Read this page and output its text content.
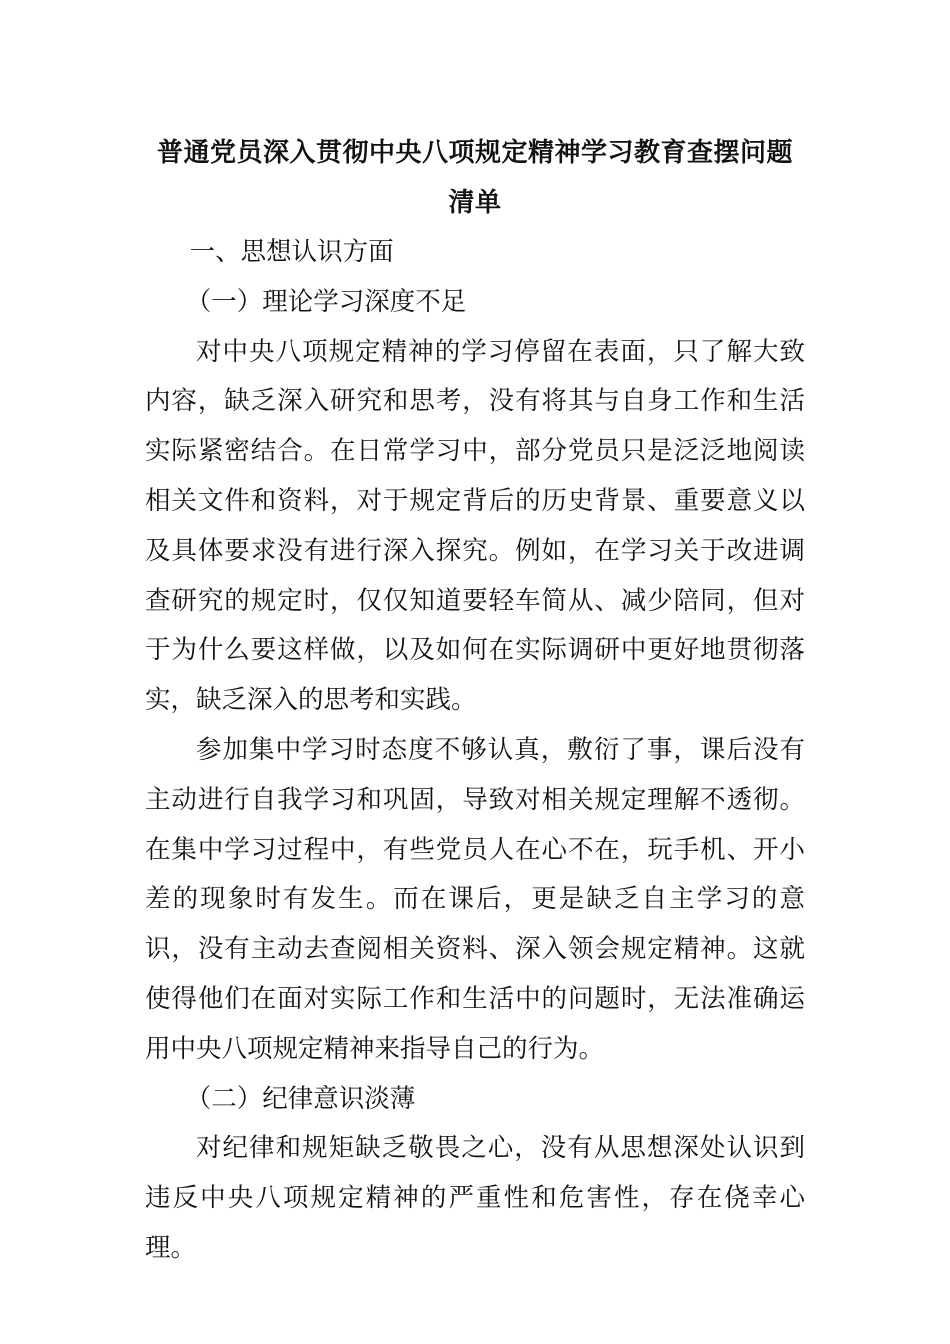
普通党员深入贯彻中央八项规定精神学习教育查摆问题清单

一、思想认识方面

（一）理论学习深度不足

对中央八项规定精神的学习停留在表面，只了解大致内容，缺乏深入研究和思考，没有将其与自身工作和生活实际紧密结合。在日常学习中，部分党员只是泛泛地阅读相关文件和资料，对于规定背后的历史背景、重要意义以及具体要求没有进行深入探究。例如，在学习关于改进调查研究的规定时，仅仅知道要轻车简从、减少陪同，但对于为什么要这样做，以及如何在实际调研中更好地贯彻落实，缺乏深入的思考和实践。

参加集中学习时态度不够认真，敷衍了事，课后没有主动进行自我学习和巩固，导致对相关规定理解不透彻。在集中学习过程中，有些党员人在心不在，玩手机、开小差的现象时有发生。而在课后，更是缺乏自主学习的意识，没有主动去查阅相关资料、深入领会规定精神。这就使得他们在面对实际工作和生活中的问题时，无法准确运用中央八项规定精神来指导自己的行为。

（二）纪律意识淡薄

对纪律和规矩缺乏敬畏之心，没有从思想深处认识到违反中央八项规定精神的严重性和危害性，存在侥幸心理。
